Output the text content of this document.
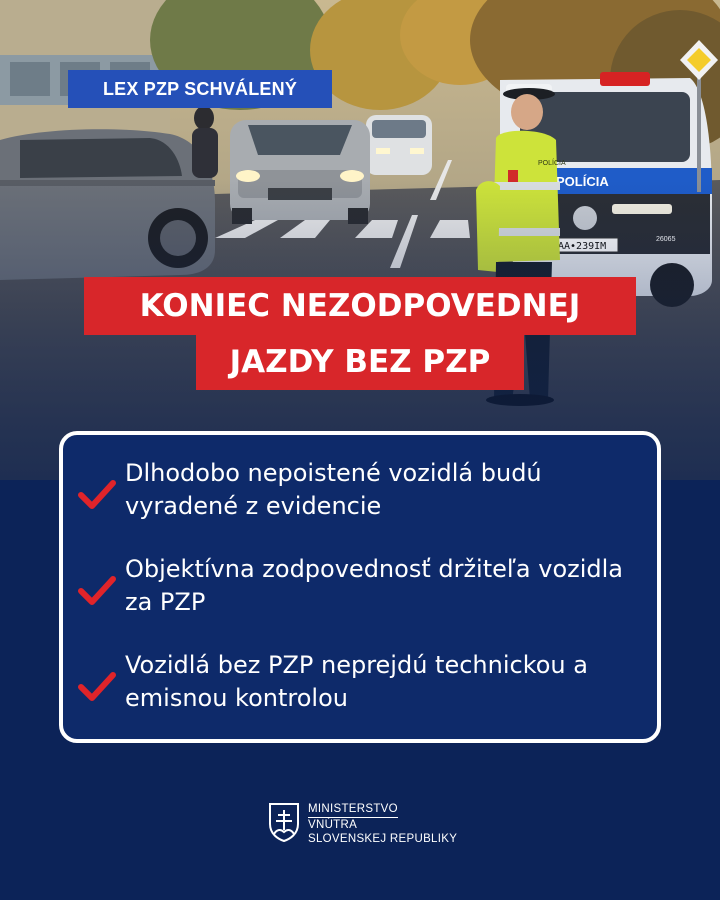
POLÍCIA
LEX PZP SCHVÁLENÝ
KONIEC NEZODPOVEDNEJ
JAZDY BEZ PZP
Dlhodobo nepoistené vozidlá budú vyradené z evidencie
Objektívna zodpovednosť držiteľa vozidla za PZP
Vozidlá bez PZP neprejdú technickou a emisnou kontrolou
MINISTERSTVO
VNÚTRA
SLOVENSKEJ REPUBLIKY
